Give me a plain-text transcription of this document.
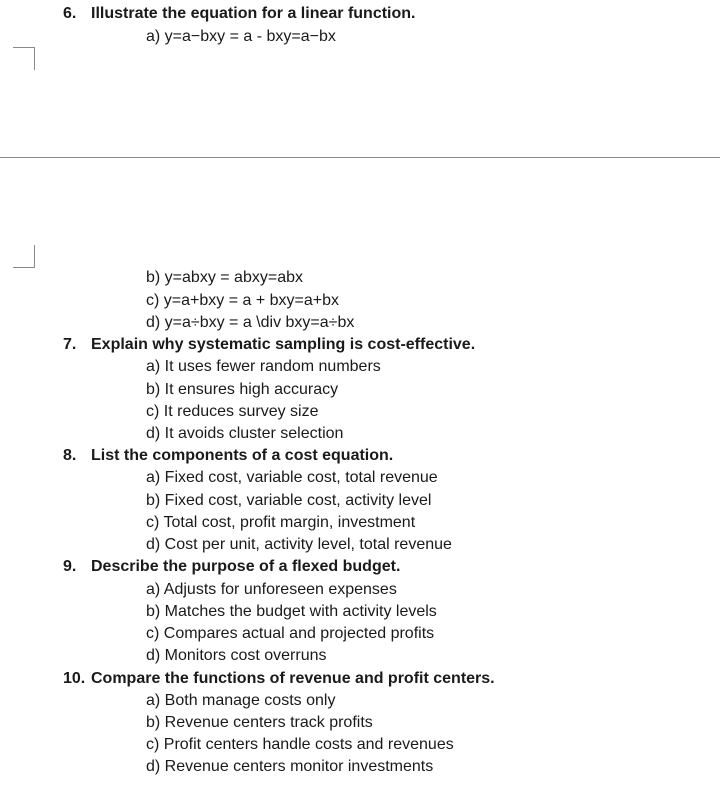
6. Illustrate the equation for a linear function.
a) y=a−bxy = a - bxy=a−bx
b) y=abxy = abxy=abx
c) y=a+bxy = a + bxy=a+bx
d) y=a÷bxy = a \div bxy=a÷bx
7. Explain why systematic sampling is cost-effective.
a) It uses fewer random numbers
b) It ensures high accuracy
c) It reduces survey size
d) It avoids cluster selection
8. List the components of a cost equation.
a) Fixed cost, variable cost, total revenue
b) Fixed cost, variable cost, activity level
c) Total cost, profit margin, investment
d) Cost per unit, activity level, total revenue
9. Describe the purpose of a flexed budget.
a) Adjusts for unforeseen expenses
b) Matches the budget with activity levels
c) Compares actual and projected profits
d) Monitors cost overruns
10. Compare the functions of revenue and profit centers.
a) Both manage costs only
b) Revenue centers track profits
c) Profit centers handle costs and revenues
d) Revenue centers monitor investments
